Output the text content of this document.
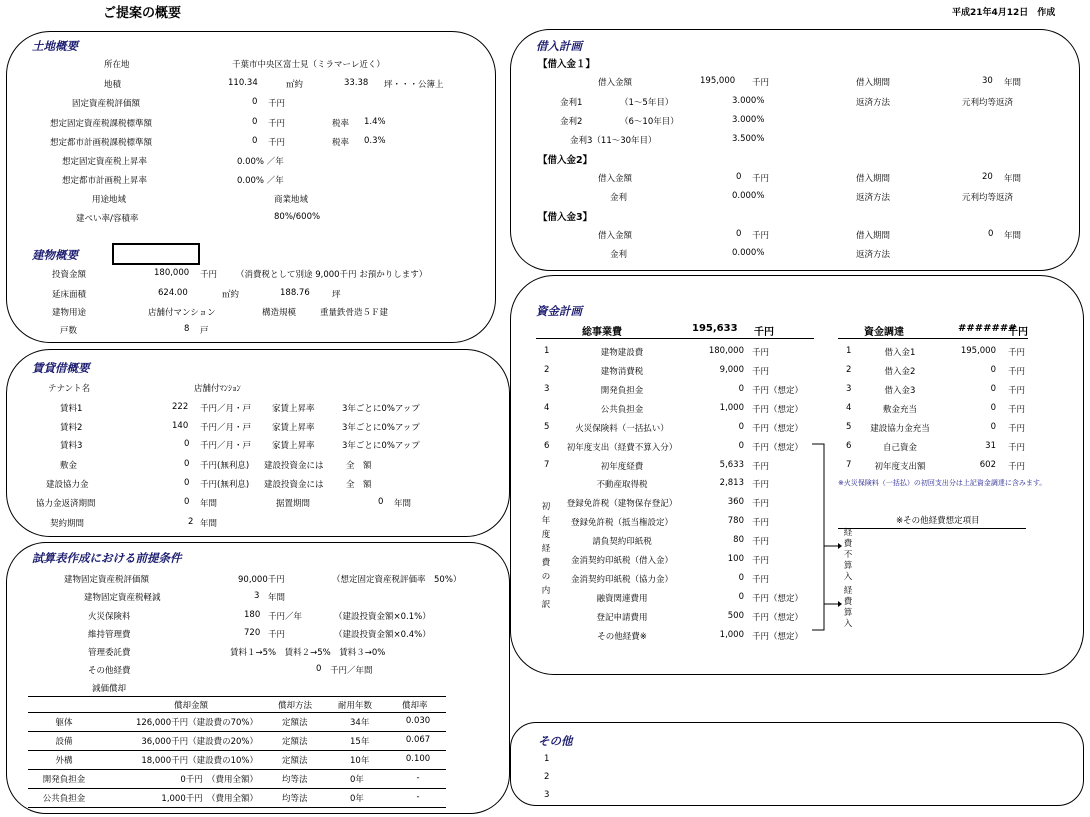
ご提案の概要	平成21年4月12日　作成
土地概要
所在地	千葉市中央区富士見（ミラマーレ近く）
地積	110.34	㎡約	33.38 坪・・・公簿上
固定資産税評価額	0 千円
想定固定資産税課税標準額	0 千円	税率 1.4%
想定都市計画税課税標準額	0 千円	税率 0.3%
想定固定資産税上昇率	0.00% ／年
想定都市計画税上昇率	0.00% ／年
用途地域	商業地域
建ぺい率/容積率	80%/600%
建物概要
投資金額	180,000 千円 （消費税として別途 9,000千円 お預かりします）
延床面積	624.00	㎡約	188.76	坪
建物用途	店舗付マンション	構造規模	重量鉄骨造５Ｆ建
戸数	8 戸
賃貸借概要
テナント名	店舗付ﾏﾝｼｮﾝ
賃料1	222 千円／月・戸 家賃上昇率	3年ごとに0%アップ
賃料2	140 千円／月・戸 家賃上昇率	3年ごとに0%アップ
賃料3	0 千円／月・戸 家賃上昇率	3年ごとに0%アップ
敷金	0 千円(無利息) 建設投資金には	全　額
建設協力金	0 千円(無利息) 建設投資金には	全　額
協力金返済期間	0 年間	据置期間	0 年間
契約期間	2 年間
試算表作成における前提条件
建物固定資産税評価額	90,000千円	（想定固定資産税評価率　50%）
建物固定資産税軽減	3 年間
火災保険料	180 千円／年	（建設投資金額×0.1%）
維持管理費	720 千円	（建設投資金額×0.4%）
管理委託費	賃料１→5%　賃料２→5%　賃料３→0%
その他経費	0 千円／年間
減価償却
償却金額	償却方法	耐用年数	償却率
躯体	126,000千円（建設費の70%）	定額法	34年	0.030
設備	36,000千円（建設費の20%）	定額法	15年	0.067
外構	18,000千円（建設費の10%）	定額法	10年	0.100
開発負担金	0千円　（費用全額）	均等法	0年	-
公共負担金	1,000千円　（費用全額）	均等法	0年	-
借入計画
【借入金１】
借入金額	195,000 千円	借入期間	30 年間
金利1	（1～5年目）	3.000%	返済方法	元利均等返済
金利2	（6～10年目）	3.000%
金利3（11～30年目）	3.500%
【借入金2】
借入金額	0 千円	借入期間	20 年間
金利	0.000%	返済方法	元利均等返済
【借入金3】
借入金額	0 千円	借入期間	0 年間
金利	0.000%	返済方法
資金計画
総事業費	195,633 千円	資金調達	#######
千円
1	建物建設費	180,000 千円
2	建物消費税	9,000 千円
3	開発負担金	0 千円（想定）
4	公共負担金	1,000 千円（想定）
5	火災保険料（一括払い）	0 千円（想定）
6	初年度支出（経費不算入分）	0 千円（想定）
7	初年度経費	5,633 千円
不動産取得税	2,813 千円
登録免許税（建物保存登記）	360 千円
登録免許税（抵当権設定）	780 千円
請負契約印紙税	80 千円
金消契約印紙税（借入金）	100 千円
金消契約印紙税（協力金）	0 千円
融資関連費用	0 千円（想定）
登記申請費用	500 千円（想定）
その他経費※	1,000 千円（想定）
1	借入金1	195,000 千円
2	借入金2	0 千円
3	借入金3	0 千円
4	敷金充当	0 千円
5	建設協力金充当	0 千円
6	自己資金	31 千円
7	初年度支出額	602 千円
初年度経費の内訳
※火災保険料（一括払）の初回支出分は上記資金調達に含みます。
※その他経費想定項目
経費不算入
経費算入
その他
1
2
3
